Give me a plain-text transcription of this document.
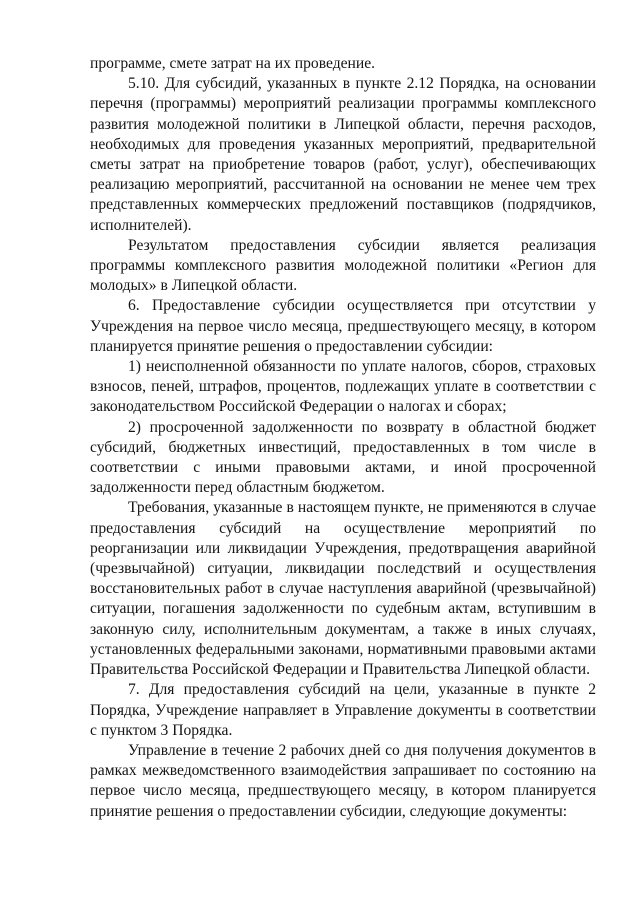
программе, смете затрат на их проведение.

5.10. Для субсидий, указанных в пункте 2.12 Порядка, на основании перечня (программы) мероприятий реализации программы комплексного развития молодежной политики в Липецкой области, перечня расходов, необходимых для проведения указанных мероприятий, предварительной сметы затрат на приобретение товаров (работ, услуг), обеспечивающих реализацию мероприятий, рассчитанной на основании не менее чем трех представленных коммерческих предложений поставщиков (подрядчиков, исполнителей).

Результатом предоставления субсидии является реализация программы комплексного развития молодежной политики «Регион для молодых» в Липецкой области.

6. Предоставление субсидии осуществляется при отсутствии у Учреждения на первое число месяца, предшествующего месяцу, в котором планируется принятие решения о предоставлении субсидии:

1) неисполненной обязанности по уплате налогов, сборов, страховых взносов, пеней, штрафов, процентов, подлежащих уплате в соответствии с законодательством Российской Федерации о налогах и сборах;

2) просроченной задолженности по возврату в областной бюджет субсидий, бюджетных инвестиций, предоставленных в том числе в соответствии с иными правовыми актами, и иной просроченной задолженности перед областным бюджетом.

Требования, указанные в настоящем пункте, не применяются в случае предоставления субсидий на осуществление мероприятий по реорганизации или ликвидации Учреждения, предотвращения аварийной (чрезвычайной) ситуации, ликвидации последствий и осуществления восстановительных работ в случае наступления аварийной (чрезвычайной) ситуации, погашения задолженности по судебным актам, вступившим в законную силу, исполнительным документам, а также в иных случаях, установленных федеральными законами, нормативными правовыми актами Правительства Российской Федерации и Правительства Липецкой области.

7. Для предоставления субсидий на цели, указанные в пункте 2 Порядка, Учреждение направляет в Управление документы в соответствии с пунктом 3 Порядка.

Управление в течение 2 рабочих дней со дня получения документов в рамках межведомственного взаимодействия запрашивает по состоянию на первое число месяца, предшествующего месяцу, в котором планируется принятие решения о предоставлении субсидии, следующие документы:
